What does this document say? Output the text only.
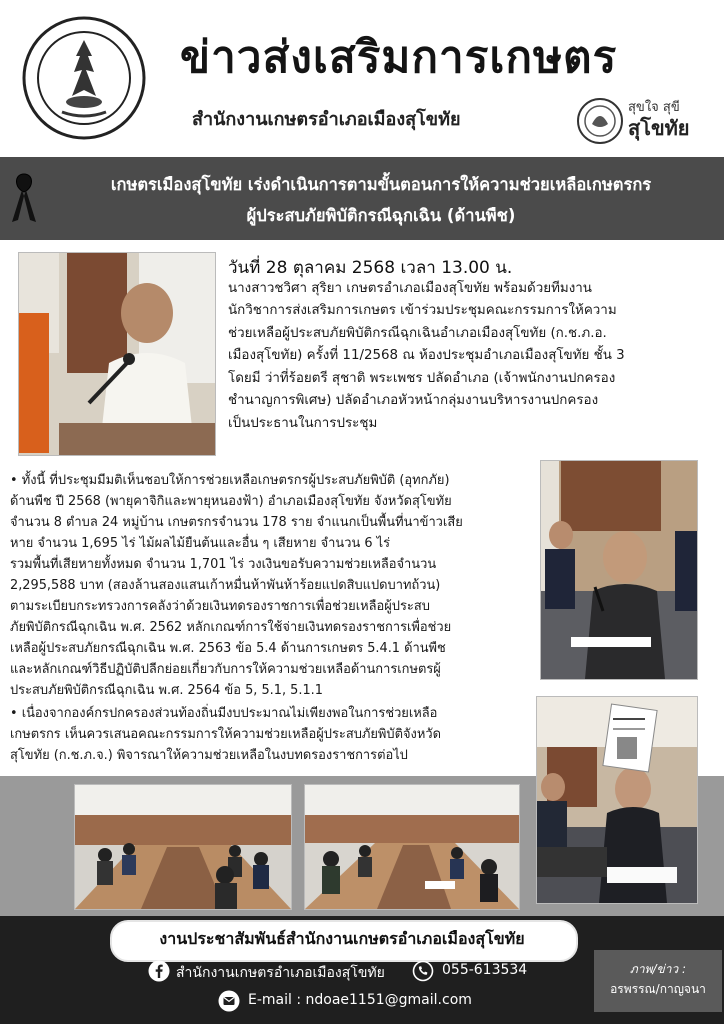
ข่าวส่งเสริมการเกษตร
สำนักงานเกษตรอำเภอเมืองสุโขทัย
สุขใจ สุขี
สุโขทัย
เกษตรเมืองสุโขทัย เร่งดำเนินการตามขั้นตอนการให้ความช่วยเหลือเกษตรกร
ผู้ประสบภัยพิบัติกรณีฉุกเฉิน (ด้านพืช)
วันที่ 28 ตุลาคม 2568 เวลา 13.00 น.
นางสาวชวิศา สุริยา เกษตรอำเภอเมืองสุโขทัย พร้อมด้วยทีมงาน
นักวิชาการส่งเสริมการเกษตร เข้าร่วมประชุมคณะกรรมการให้ความ
ช่วยเหลือผู้ประสบภัยพิบัติกรณีฉุกเฉินอำเภอเมืองสุโขทัย (ก.ช.ภ.อ.
เมืองสุโขทัย) ครั้งที่ 11/2568 ณ ห้องประชุมอำเภอเมืองสุโขทัย ชั้น 3
โดยมี ว่าที่ร้อยตรี สุชาติ พระเพชร ปลัดอำเภอ (เจ้าพนักงานปกครอง
ชำนาญการพิเศษ) ปลัดอำเภอหัวหน้ากลุ่มงานบริหารงานปกครอง
เป็นประธานในการประชุม
• ทั้งนี้ ที่ประชุมมีมติเห็นชอบให้การช่วยเหลือเกษตรกรผู้ประสบภัยพิบัติ (อุทกภัย)
ด้านพืช ปี 2568 (พายุคาจิกิและพายุหนองฟ้า) อำเภอเมืองสุโขทัย จังหวัดสุโขทัย
จำนวน 8 ตำบล 24 หมู่บ้าน เกษตรกรจำนวน 178 ราย จำแนกเป็นพื้นที่นาข้าวเสีย
หาย จำนวน 1,695 ไร่ ไม้ผลไม้ยืนต้นและอื่น ๆ เสียหาย จำนวน 6 ไร่
รวมพื้นที่เสียหายทั้งหมด จำนวน 1,701 ไร่ วงเงินขอรับความช่วยเหลือจำนวน
2,295,588 บาท (สองล้านสองแสนเก้าหมื่นห้าพันห้าร้อยแปดสิบแปดบาทถ้วน)
ตามระเบียบกระทรวงการคลังว่าด้วยเงินทดรองราชการเพื่อช่วยเหลือผู้ประสบ
ภัยพิบัติกรณีฉุกเฉิน พ.ศ. 2562 หลักเกณฑ์การใช้จ่ายเงินทดรองราชการเพื่อช่วย
เหลือผู้ประสบภัยกรณีฉุกเฉิน พ.ศ. 2563 ข้อ 5.4 ด้านการเกษตร 5.4.1 ด้านพืช
และหลักเกณฑ์วิธีปฏิบัติปลีกย่อยเกี่ยวกับการให้ความช่วยเหลือด้านการเกษตรผู้
ประสบภัยพิบัติกรณีฉุกเฉิน พ.ศ. 2564 ข้อ 5, 5.1, 5.1.1
• เนื่องจากองค์กรปกครองส่วนท้องถิ่นมีงบประมาณไม่เพียงพอในการช่วยเหลือ
เกษตรกร เห็นควรเสนอคณะกรรมการให้ความช่วยเหลือผู้ประสบภัยพิบัติจังหวัด
สุโขทัย (ก.ช.ภ.จ.) พิจารณาให้ความช่วยเหลือในงบทดรองราชการต่อไป
งานประชาสัมพันธ์สำนักงานเกษตรอำเภอเมืองสุโขทัย
สำนักงานเกษตรอำเภอเมืองสุโขทัย	055-613534
E-mail : ndoae1151@gmail.com
ภาพ/ข่าว :
อรพรรณ/กาญจนา
